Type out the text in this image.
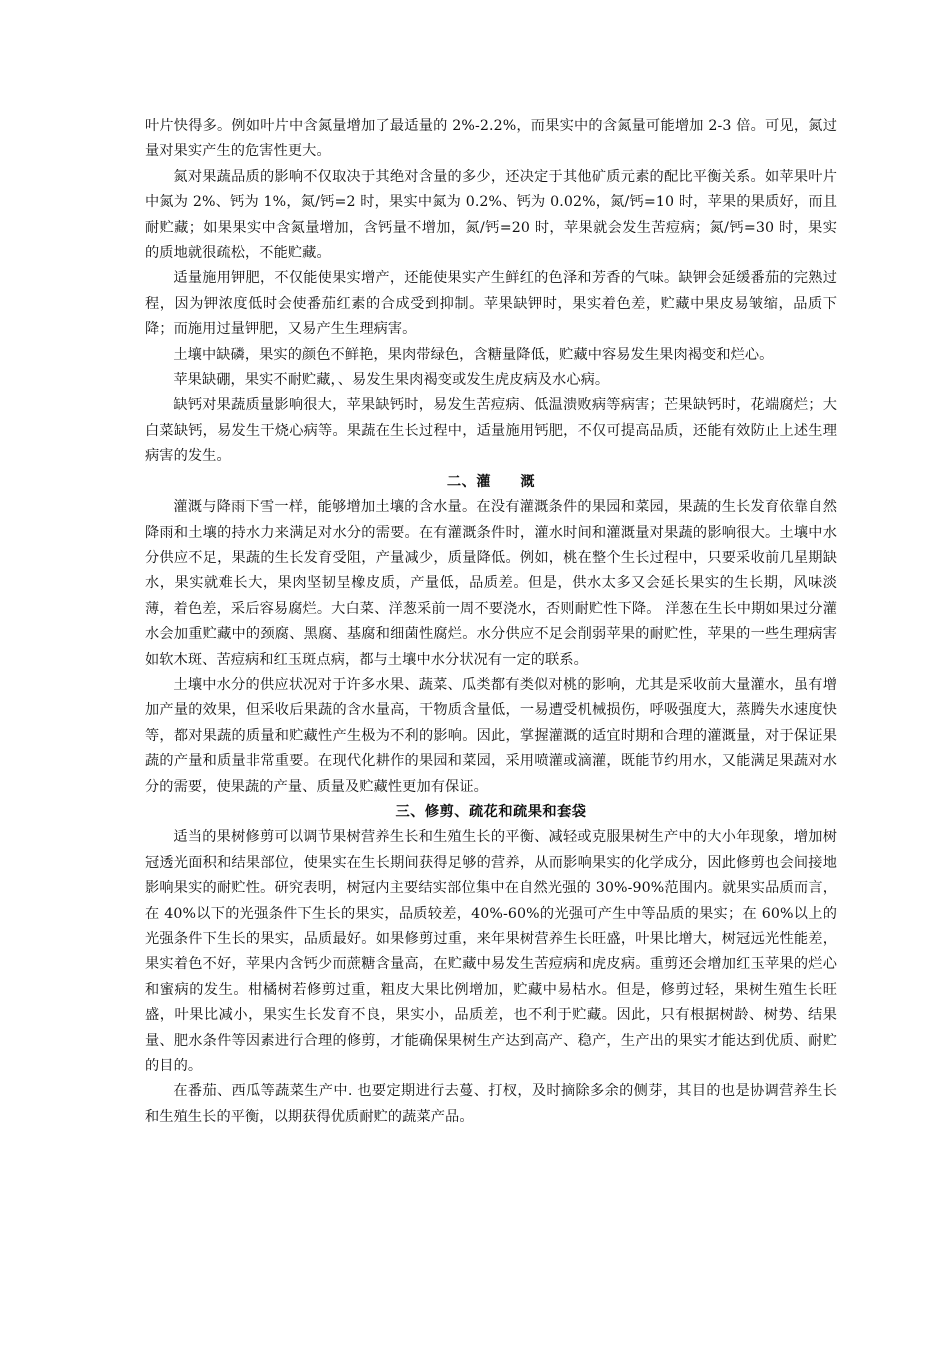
叶片快得多。例如叶片中含氮量增加了最适量的 2%-2.2%，而果实中的含氮量可能增加 2-3 倍。可见，氮过量对果实产生的危害性更大。

氮对果蔬品质的影响不仅取决于其绝对含量的多少，还决定于其他矿质元素的配比平衡关系。如苹果叶片中氮为 2%、钙为 1%，氮/钙=2 时，果实中氮为 0.2%、钙为 0.02%，氮/钙=10 时，苹果的果质好，而且耐贮藏；如果果实中含氮量增加，含钙量不增加，氮/钙=20 时，苹果就会发生苦痘病；氮/钙=30 时，果实的质地就很疏松，不能贮藏。

适量施用钾肥，不仅能使果实增产，还能使果实产生鲜红的色泽和芳香的气味。缺钾会延缓番茄的完熟过程，因为钾浓度低时会使番茄红素的合成受到抑制。苹果缺钾时，果实着色差，贮藏中果皮易皱缩，品质下降；而施用过量钾肥，又易产生生理病害。

土壤中缺磷，果实的颜色不鲜艳，果肉带绿色，含糖量降低，贮藏中容易发生果肉褐变和烂心。

苹果缺硼，果实不耐贮藏，、易发生果肉褐变或发生虎皮病及水心病。

缺钙对果蔬质量影响很大，苹果缺钙时，易发生苦痘病、低温溃败病等病害；芒果缺钙时，花端腐烂；大白菜缺钙，易发生干烧心病等。果蔬在生长过程中，适量施用钙肥，不仅可提高品质，还能有效防止上述生理病害的发生。

二、灌　　溉

灌溉与降雨下雪一样，能够增加土壤的含水量。在没有灌溉条件的果园和菜园，果蔬的生长发育依靠自然降雨和土壤的持水力来满足对水分的需要。在有灌溉条件时，灌水时间和灌溉量对果蔬的影响很大。土壤中水分供应不足，果蔬的生长发育受阻，产量减少，质量降低。例如，桃在整个生长过程中，只要采收前几星期缺水，果实就难长大，果肉坚韧呈橡皮质，产量低，品质差。但是，供水太多又会延长果实的生长期，风味淡薄，着色差，采后容易腐烂。大白菜、洋葱采前一周不要浇水，否则耐贮性下降。 洋葱在生长中期如果过分灌水会加重贮藏中的颈腐、黑腐、基腐和细菌性腐烂。水分供应不足会削弱苹果的耐贮性，苹果的一些生理病害如软木斑、苦痘病和红玉斑点病，都与土壤中水分状况有一定的联系。

土壤中水分的供应状况对于许多水果、蔬菜、瓜类都有类似对桃的影响，尤其是采收前大量灌水，虽有增加产量的效果，但采收后果蔬的含水量高，干物质含量低，一易遭受机械损伤，呼吸强度大，蒸腾失水速度快等，都对果蔬的质量和贮藏性产生极为不利的影响。因此，掌握灌溉的适宜时期和合理的灌溉量，对于保证果蔬的产量和质量非常重要。在现代化耕作的果园和菜园，采用喷灌或滴灌，既能节约用水，又能满足果蔬对水分的需要，使果蔬的产量、质量及贮藏性更加有保证。

三、修剪、疏花和疏果和套袋

适当的果树修剪可以调节果树营养生长和生殖生长的平衡、减轻或克服果树生产中的大小年现象，增加树冠透光面积和结果部位，使果实在生长期间获得足够的营养，从而影响果实的化学成分，因此修剪也会间接地影响果实的耐贮性。研究表明，树冠内主要结实部位集中在自然光强的 30%-90%范围内。就果实品质而言，在 40%以下的光强条件下生长的果实，品质较差，40%-60%的光强可产生中等品质的果实；在 60%以上的光强条件下生长的果实，品质最好。如果修剪过重，来年果树营养生长旺盛，叶果比增大，树冠远光性能差，果实着色不好，苹果内含钙少而蔗糖含量高，在贮藏中易发生苦痘病和虎皮病。重剪还会增加红玉苹果的烂心和蜜病的发生。柑橘树若修剪过重，粗皮大果比例增加，贮藏中易枯水。但是，修剪过轻，果树生殖生长旺盛，叶果比减小，果实生长发育不良，果实小，品质差，也不利于贮藏。因此，只有根据树龄、树势、结果量、肥水条件等因素进行合理的修剪，才能确保果树生产达到高产、稳产，生产出的果实才能达到优质、耐贮的目的。

在番茄、西瓜等蔬菜生产中. 也要定期进行去蔓、打杈，及时摘除多余的侧芽，其目的也是协调营养生长和生殖生长的平衡，以期获得优质耐贮的蔬菜产品。
